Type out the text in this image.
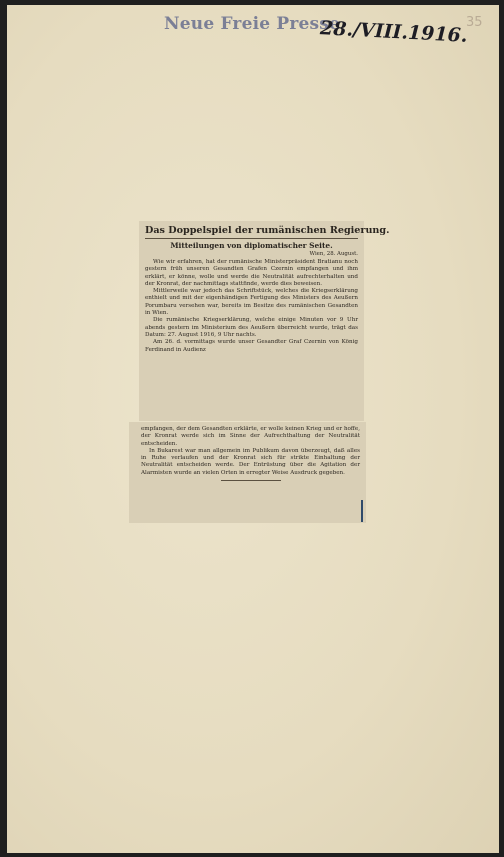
Neue Freie Presse
28./VIII.1916.
35
Das Doppelspiel der rumänischen Regierung.
Mitteilungen von diplomatischer Seite.
Wien, 28. August.

Wie wir erfahren, hat der rumänische Ministerpräsident Bratianu noch gestern früh unseren Gesandten Grafen Czernin empfangen und ihm erklärt, er könne, wolle und werde die Neutralität aufrechterhalten und der Kronrat, der nachmittags stattfinde, werde dies beweisen.

Mittlerweile war jedoch das Schriftstück, welches die Kriegserklärung enthielt und mit der eigenhändigen Fertigung des Ministers des Aeußern Porumbaru versehen war, bereits im Besitze des rumänischen Gesandten in Wien.

Die rumänische Kriegserklärung, welche einige Minuten vor 9 Uhr abends gestern im Ministerium des Aeußern überreicht wurde, trägt das Datum: 27. August 1916, 9 Uhr nachts.

Am 26. d. vormittags wurde unser Gesandter Graf Czernin von König Ferdinand in Audienz

empfangen, der dem Gesandten erklärte, er wolle keinen Krieg und er hoffe, der Kronrat werde sich im Sinne der Aufrechthaltung der Neutralität entscheiden.

In Bukarest war man allgemein im Publikum davon überzeugt, daß alles in Ruhe verlaufen und der Kronrat sich für strikte Einhaltung der Neutralität entscheiden werde. Der Entrüstung über die Agitation der Alarmisten wurde an vielen Orten in erregter Weise Ausdruck gegeben.
